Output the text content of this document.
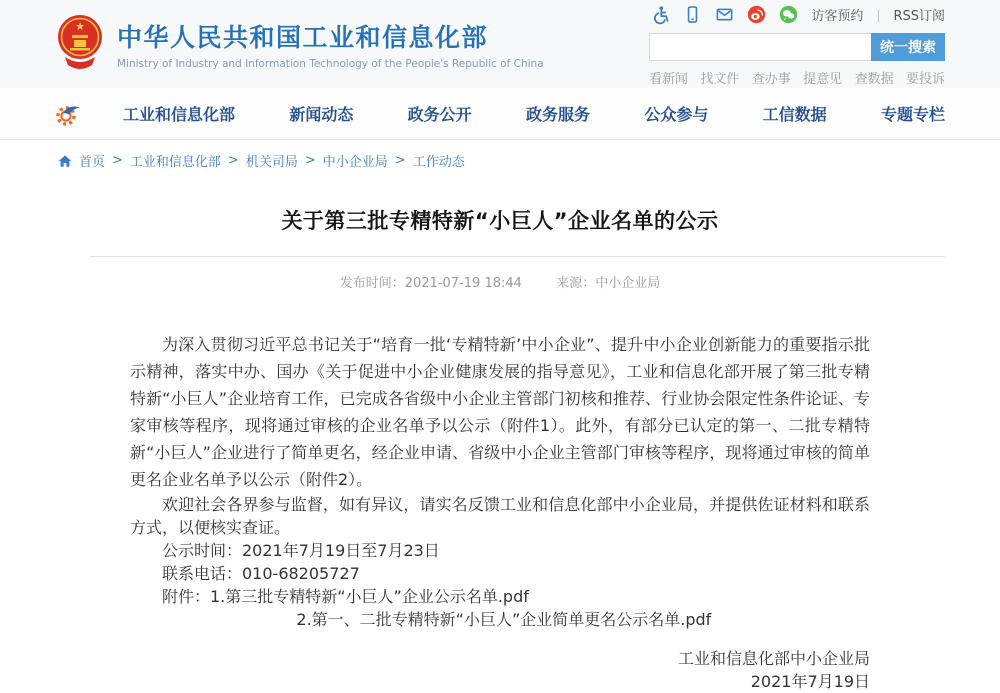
★ 中华人民共和国工业和信息化部
Ministry of Industry and Information Technology of the People's Republic of China
访客预约 | RSS订阅
统一搜索
看新闻 找文件 查办事 提意见 查数据 要投诉
工业和信息化部	新闻动态	政务公开	政务服务	公众参与	工信数据	专题专栏
首页 > 工业和信息化部 > 机关司局 > 中小企业局 > 工作动态
关于第三批专精特新“小巨人”企业名单的公示
发布时间：2021-07-19 18:44	来源：中小企业局

为深入贯彻习近平总书记关于“培育一批‘专精特新’中小企业”、提升中小企业创新能力的重要指示批示精神，落实中办、国办《关于促进中小企业健康发展的指导意见》，工业和信息化部开展了第三批专精特新“小巨人”企业培育工作，已完成各省级中小企业主管部门初核和推荐、行业协会限定性条件论证、专家审核等程序，现将通过审核的企业名单予以公示（附件1）。此外，有部分已认定的第一、二批专精特新“小巨人”企业进行了简单更名，经企业申请、省级中小企业主管部门审核等程序，现将通过审核的简单更名企业名单予以公示（附件2）。

欢迎社会各界参与监督，如有异议，请实名反馈工业和信息化部中小企业局，并提供佐证材料和联系方式，以便核实查证。

公示时间：2021年7月19日至7月23日

联系电话：010-68205727

附件：1.第三批专精特新“小巨人”企业公示名单.pdf

2.第一、二批专精特新“小巨人”企业简单更名公示名单.pdf

工业和信息化部中小企业局
2021年7月19日
